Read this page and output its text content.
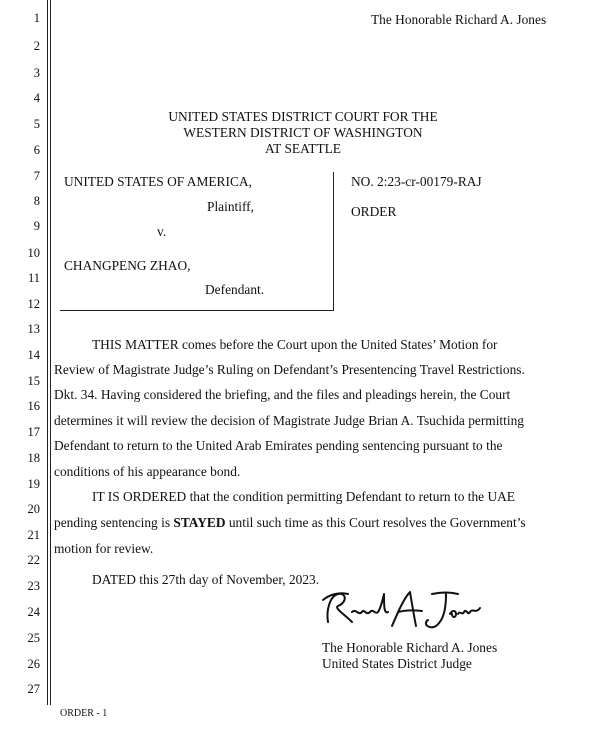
The Honorable Richard A. Jones
1
2
3
4
5
6
7
8
9
10
11
12
13
14
15
16
17
18
19
20
21
22
23
24
25
26
27
UNITED STATES DISTRICT COURT FOR THE
WESTERN DISTRICT OF WASHINGTON
AT SEATTLE
UNITED STATES OF AMERICA,
Plaintiff,
v.
CHANGPENG ZHAO,
Defendant.
NO. 2:23-cr-00179-RAJ
ORDER
THIS MATTER comes before the Court upon the United States’ Motion for
Review of Magistrate Judge’s Ruling on Defendant’s Presentencing Travel Restrictions.
Dkt. 34. Having considered the briefing, and the files and pleadings herein, the Court
determines it will review the decision of Magistrate Judge Brian A. Tsuchida permitting
Defendant to return to the United Arab Emirates pending sentencing pursuant to the
conditions of his appearance bond.
IT IS ORDERED that the condition permitting Defendant to return to the UAE
pending sentencing is STAYED until such time as this Court resolves the Government’s
motion for review.
DATED this 27th day of November, 2023.
The Honorable Richard A. Jones
United States District Judge
ORDER - 1
